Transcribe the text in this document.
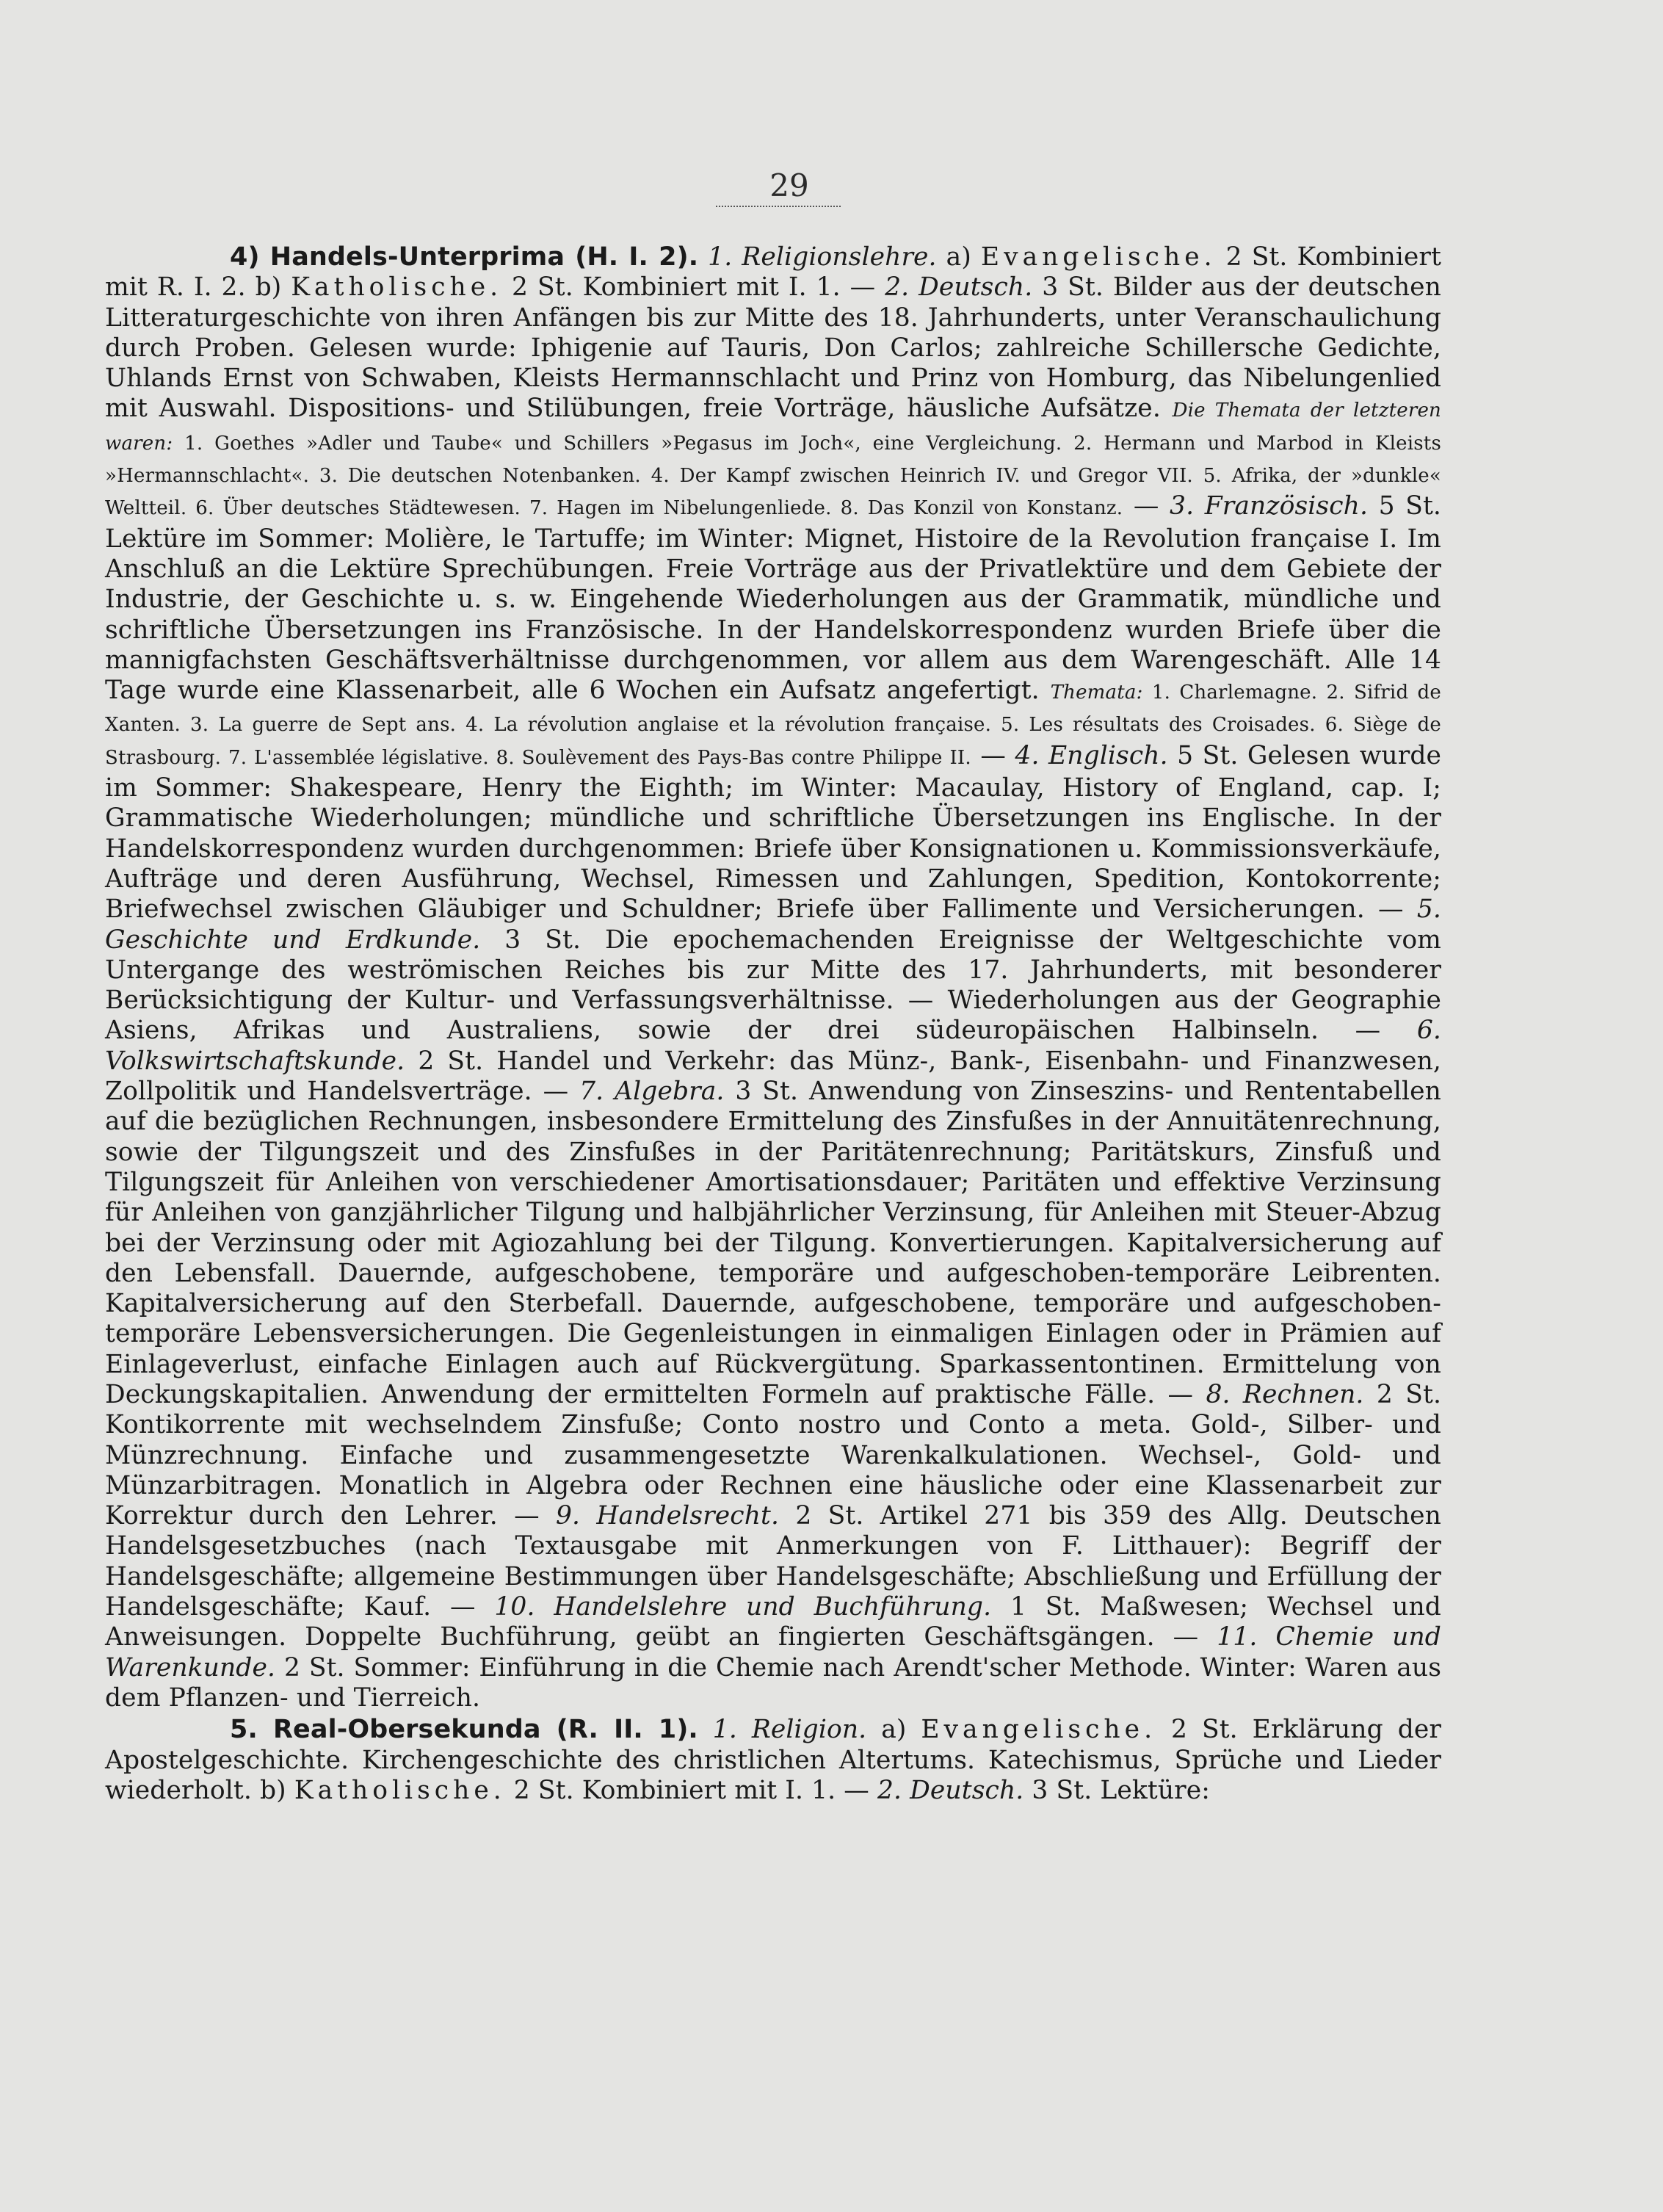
29

4) Handels-Unterprima (H. I. 2). 1. Religionslehre. a) Evangelische. 2 St. Kombiniert mit R. I. 2. b) Katholische. 2 St. Kombiniert mit I. 1. — 2. Deutsch. 3 St. Bilder aus der deutschen Litteraturgeschichte von ihren Anfängen bis zur Mitte des 18. Jahrhunderts, unter Veranschaulichung durch Proben. Gelesen wurde: Iphigenie auf Tauris, Don Carlos; zahlreiche Schillersche Gedichte, Uhlands Ernst von Schwaben, Kleists Hermannschlacht und Prinz von Homburg, das Nibelungenlied mit Auswahl. Dispositions- und Stilübungen, freie Vorträge, häusliche Aufsätze. Die Themata der letzteren waren: 1. Goethes »Adler und Taube« und Schillers »Pegasus im Joch«, eine Vergleichung. 2. Hermann und Marbod in Kleists »Hermannschlacht«. 3. Die deutschen Notenbanken. 4. Der Kampf zwischen Heinrich IV. und Gregor VII. 5. Afrika, der »dunkle« Weltteil. 6. Über deutsches Städtewesen. 7. Hagen im Nibelungenliede. 8. Das Konzil von Konstanz. — 3. Französisch. 5 St. Lektüre im Sommer: Molière, le Tartuffe; im Winter: Mignet, Histoire de la Revolution française I. Im Anschluß an die Lektüre Sprechübungen. Freie Vorträge aus der Privatlektüre und dem Gebiete der Industrie, der Geschichte u. s. w. Eingehende Wiederholungen aus der Grammatik, mündliche und schriftliche Übersetzungen ins Französische. In der Handelskorrespondenz wurden Briefe über die mannigfachsten Geschäftsverhältnisse durchgenommen, vor allem aus dem Warengeschäft. Alle 14 Tage wurde eine Klassenarbeit, alle 6 Wochen ein Aufsatz angefertigt. Themata: 1. Charlemagne. 2. Sifrid de Xanten. 3. La guerre de Sept ans. 4. La révolution anglaise et la révolution française. 5. Les résultats des Croisades. 6. Siège de Strasbourg. 7. L'assemblée législative. 8. Soulèvement des Pays-Bas contre Philippe II. — 4. Englisch. 5 St. Gelesen wurde im Sommer: Shakespeare, Henry the Eighth; im Winter: Macaulay, History of England, cap. I; Grammatische Wiederholungen; mündliche und schriftliche Übersetzungen ins Englische. In der Handelskorrespondenz wurden durchgenommen: Briefe über Konsignationen u. Kommissionsverkäufe, Aufträge und deren Ausführung, Wechsel, Rimessen und Zahlungen, Spedition, Kontokorrente; Briefwechsel zwischen Gläubiger und Schuldner; Briefe über Fallimente und Versicherungen. — 5. Geschichte und Erdkunde. 3 St. Die epochemachenden Ereignisse der Weltgeschichte vom Untergange des weströmischen Reiches bis zur Mitte des 17. Jahrhunderts, mit besonderer Berücksichtigung der Kultur- und Verfassungsverhältnisse. — Wiederholungen aus der Geographie Asiens, Afrikas und Australiens, sowie der drei südeuropäischen Halbinseln. — 6. Volkswirtschaftskunde. 2 St. Handel und Verkehr: das Münz-, Bank-, Eisenbahn- und Finanzwesen, Zollpolitik und Handelsverträge. — 7. Algebra. 3 St. Anwendung von Zinseszins- und Rententabellen auf die bezüglichen Rechnungen, insbesondere Ermittelung des Zinsfußes in der Annuitätenrechnung, sowie der Tilgungszeit und des Zinsfußes in der Paritätenrechnung; Paritätskurs, Zinsfuß und Tilgungszeit für Anleihen von verschiedener Amortisationsdauer; Paritäten und effektive Verzinsung für Anleihen von ganzjährlicher Tilgung und halbjährlicher Verzinsung, für Anleihen mit Steuer-Abzug bei der Verzinsung oder mit Agiozahlung bei der Tilgung. Konvertierungen. Kapitalversicherung auf den Lebensfall. Dauernde, aufgeschobene, temporäre und aufgeschoben-temporäre Leibrenten. Kapitalversicherung auf den Sterbefall. Dauernde, aufgeschobene, temporäre und aufgeschoben-temporäre Lebensversicherungen. Die Gegenleistungen in einmaligen Einlagen oder in Prämien auf Einlageverlust, einfache Einlagen auch auf Rückvergütung. Sparkassentontinen. Ermittelung von Deckungskapitalien. Anwendung der ermittelten Formeln auf praktische Fälle. — 8. Rechnen. 2 St. Kontikorrente mit wechselndem Zinsfuße; Conto nostro und Conto a meta. Gold-, Silber- und Münzrechnung. Einfache und zusammengesetzte Warenkalkulationen. Wechsel-, Gold- und Münzarbitragen. Monatlich in Algebra oder Rechnen eine häusliche oder eine Klassenarbeit zur Korrektur durch den Lehrer. — 9. Handelsrecht. 2 St. Artikel 271 bis 359 des Allg. Deutschen Handelsgesetzbuches (nach Textausgabe mit Anmerkungen von F. Litthauer): Begriff der Handelsgeschäfte; allgemeine Bestimmungen über Handelsgeschäfte; Abschließung und Erfüllung der Handelsgeschäfte; Kauf. — 10. Handelslehre und Buchführung. 1 St. Maßwesen; Wechsel und Anweisungen. Doppelte Buchführung, geübt an fingierten Geschäftsgängen. — 11. Chemie und Warenkunde. 2 St. Sommer: Einführung in die Chemie nach Arendt'scher Methode. Winter: Waren aus dem Pflanzen- und Tierreich.

5. Real-Obersekunda (R. II. 1). 1. Religion. a) Evangelische. 2 St. Erklärung der Apostelgeschichte. Kirchengeschichte des christlichen Altertums. Katechismus, Sprüche und Lieder wiederholt. b) Katholische. 2 St. Kombiniert mit I. 1. — 2. Deutsch. 3 St. Lektüre:
